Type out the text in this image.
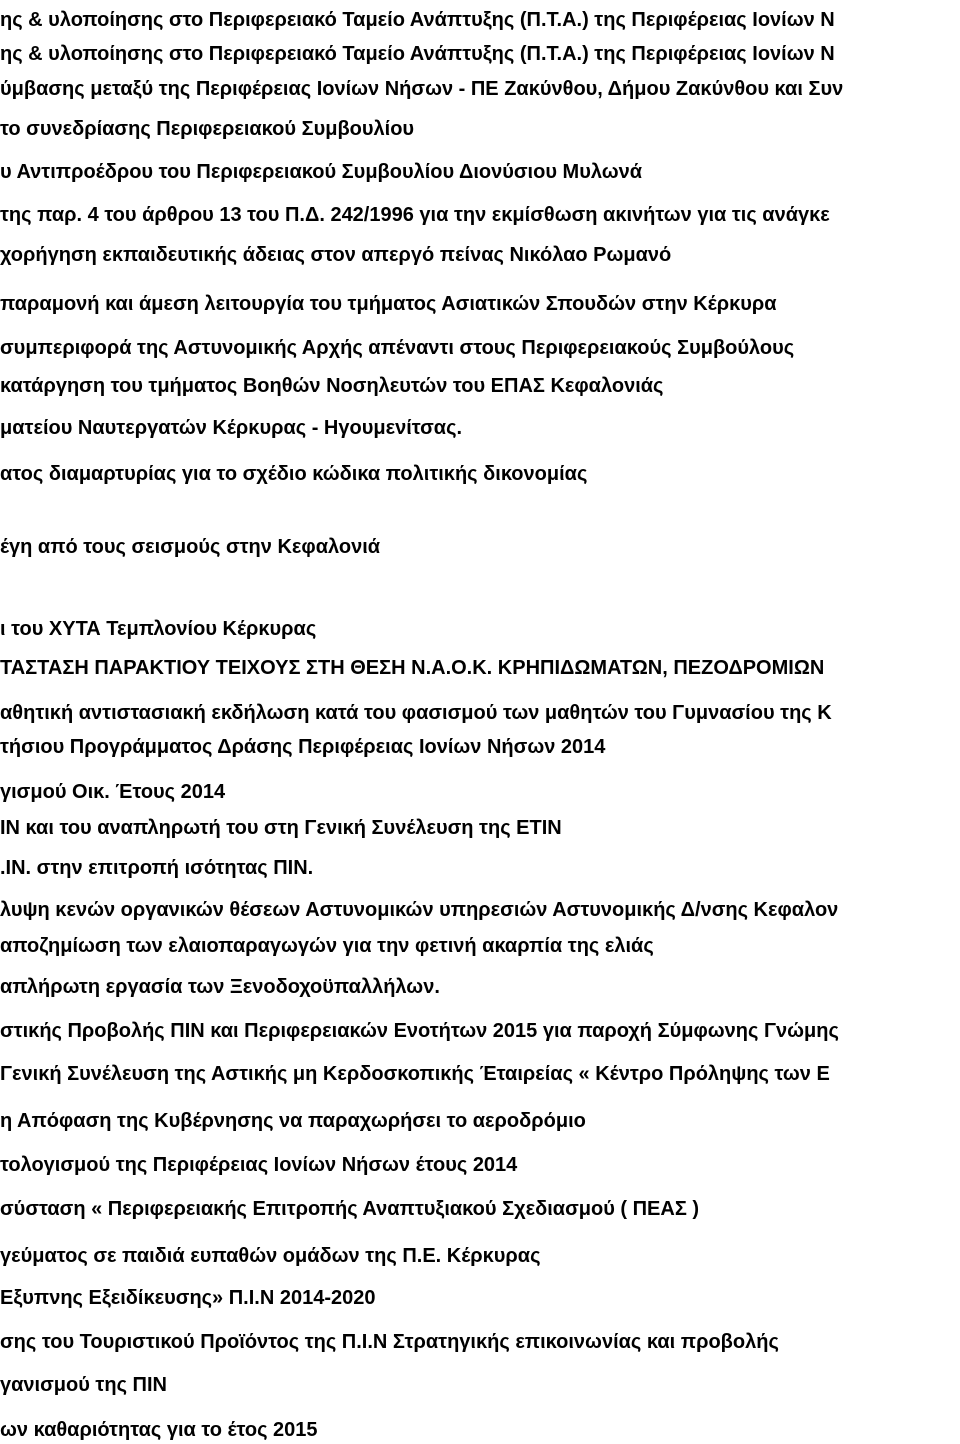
ης & υλοποίησης στο Περιφερειακό Ταμείο Ανάπτυξης (Π.Τ.Α.) της Περιφέρειας Ιονίων Ν
ης & υλοποίησης στο Περιφερειακό Ταμείο Ανάπτυξης (Π.Τ.Α.) της Περιφέρειας Ιονίων Ν
ύμβασης μεταξύ της Περιφέρειας Ιονίων Νήσων - ΠΕ Ζακύνθου, Δήμου Ζακύνθου και Συν
το συνεδρίασης Περιφερειακού Συμβουλίου
υ Αντιπροέδρου του Περιφερειακού Συμβουλίου Διονύσιου Μυλωνά
της παρ. 4 του άρθρου 13 του Π.Δ. 242/1996 για την εκμίσθωση ακινήτων για τις ανάγκε
χορήγηση εκπαιδευτικής άδειας στον απεργό πείνας Νικόλαο Ρωμανό
παραμονή και άμεση λειτουργία του τμήματος Ασιατικών Σπουδών στην Κέρκυρα
συμπεριφορά της Αστυνομικής Αρχής απέναντι στους Περιφερειακούς Συμβούλους
κατάργηση του τμήματος Βοηθών Νοσηλευτών του ΕΠΑΣ Κεφαλονιάς
ματείου Ναυτεργατών Κέρκυρας - Ηγουμενίτσας.
ατος διαμαρτυρίας για το σχέδιο κώδικα πολιτικής δικονομίας
έγη από τους σεισμούς στην Κεφαλονιά
ι του ΧΥΤΑ Τεμπλονίου Κέρκυρας
ΤΑΣΤΑΣΗ ΠΑΡΑΚΤΙΟΥ ΤΕΙΧΟΥΣ ΣΤΗ ΘΕΣΗ Ν.Α.Ο.Κ. ΚΡΗΠΙΔΩΜΑΤΩΝ, ΠΕΖΟΔΡΟΜΙΩΝ
αθητική αντιστασιακή εκδήλωση κατά του φασισμού των μαθητών του Γυμνασίου της Κ
τήσιου Προγράμματος Δράσης Περιφέρειας Ιονίων Νήσων 2014
γισμού Οικ. Έτους 2014
ΙΝ και του αναπληρωτή του στη Γενική Συνέλευση της ΕΤΙΝ
.ΙΝ. στην επιτροπή ισότητας ΠΙΝ.
λυψη κενών οργανικών θέσεων Αστυνομικών υπηρεσιών Αστυνομικής Δ/νσης Κεφαλον
αποζημίωση των ελαιοπαραγωγών για την φετινή ακαρπία της ελιάς
απλήρωτη εργασία των Ξενοδοχοϋπαλλήλων.
στικής Προβολής ΠΙΝ και Περιφερειακών Ενοτήτων 2015 για παροχή Σύμφωνης Γνώμης
Γενική Συνέλευση της Αστικής μη Κερδοσκοπικής Έταιρείας « Κέντρο Πρόληψης των Ε
η Απόφαση της Κυβέρνησης να παραχωρήσει το αεροδρόμιο
τολογισμού της Περιφέρειας Ιονίων Νήσων έτους 2014
σύσταση « Περιφερειακής Επιτροπής Αναπτυξιακού Σχεδιασμού ( ΠΕΑΣ )
γεύματος σε παιδιά ευπαθών ομάδων της Π.Ε. Κέρκυρας
Εξυπνης Εξειδίκευσης» Π.Ι.Ν 2014-2020
σης του Τουριστικού Προϊόντος της Π.Ι.Ν Στρατηγικής επικοινωνίας και προβολής
γανισμού της ΠΙΝ
ων καθαριότητας για το έτος 2015
